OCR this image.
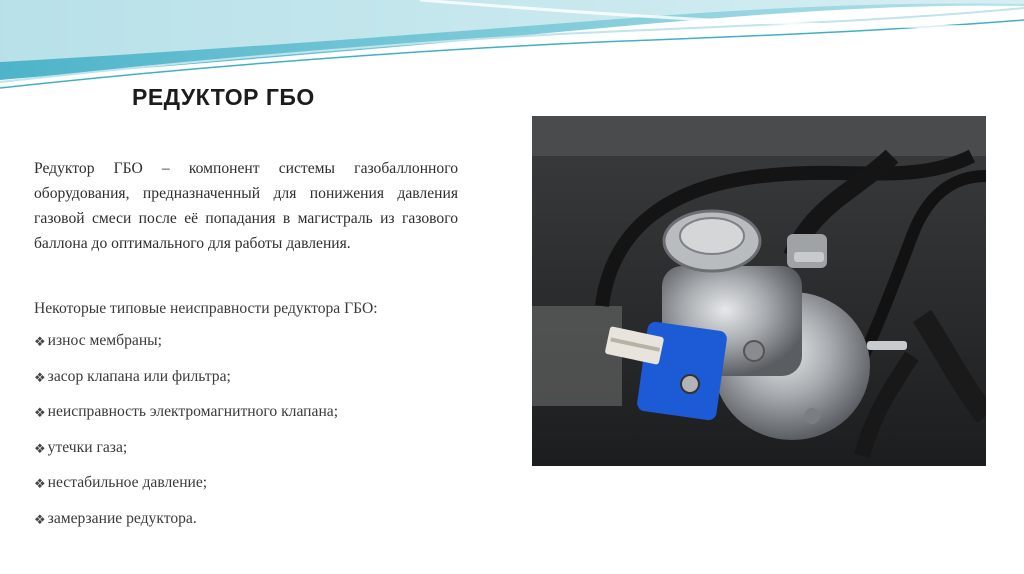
РЕДУКТОР ГБО
Редуктор ГБО – компонент системы газобаллонного оборудования, предназначенный для понижения давления газовой смеси после её попадания в магистраль из газового баллона до оптимального для работы давления.
Некоторые типовые неисправности редуктора ГБО:
❖ износ мембраны;
❖ засор клапана или фильтра;
❖ неисправность электромагнитного клапана;
❖ утечки газа;
❖ нестабильное давление;
❖ замерзание редуктора.
